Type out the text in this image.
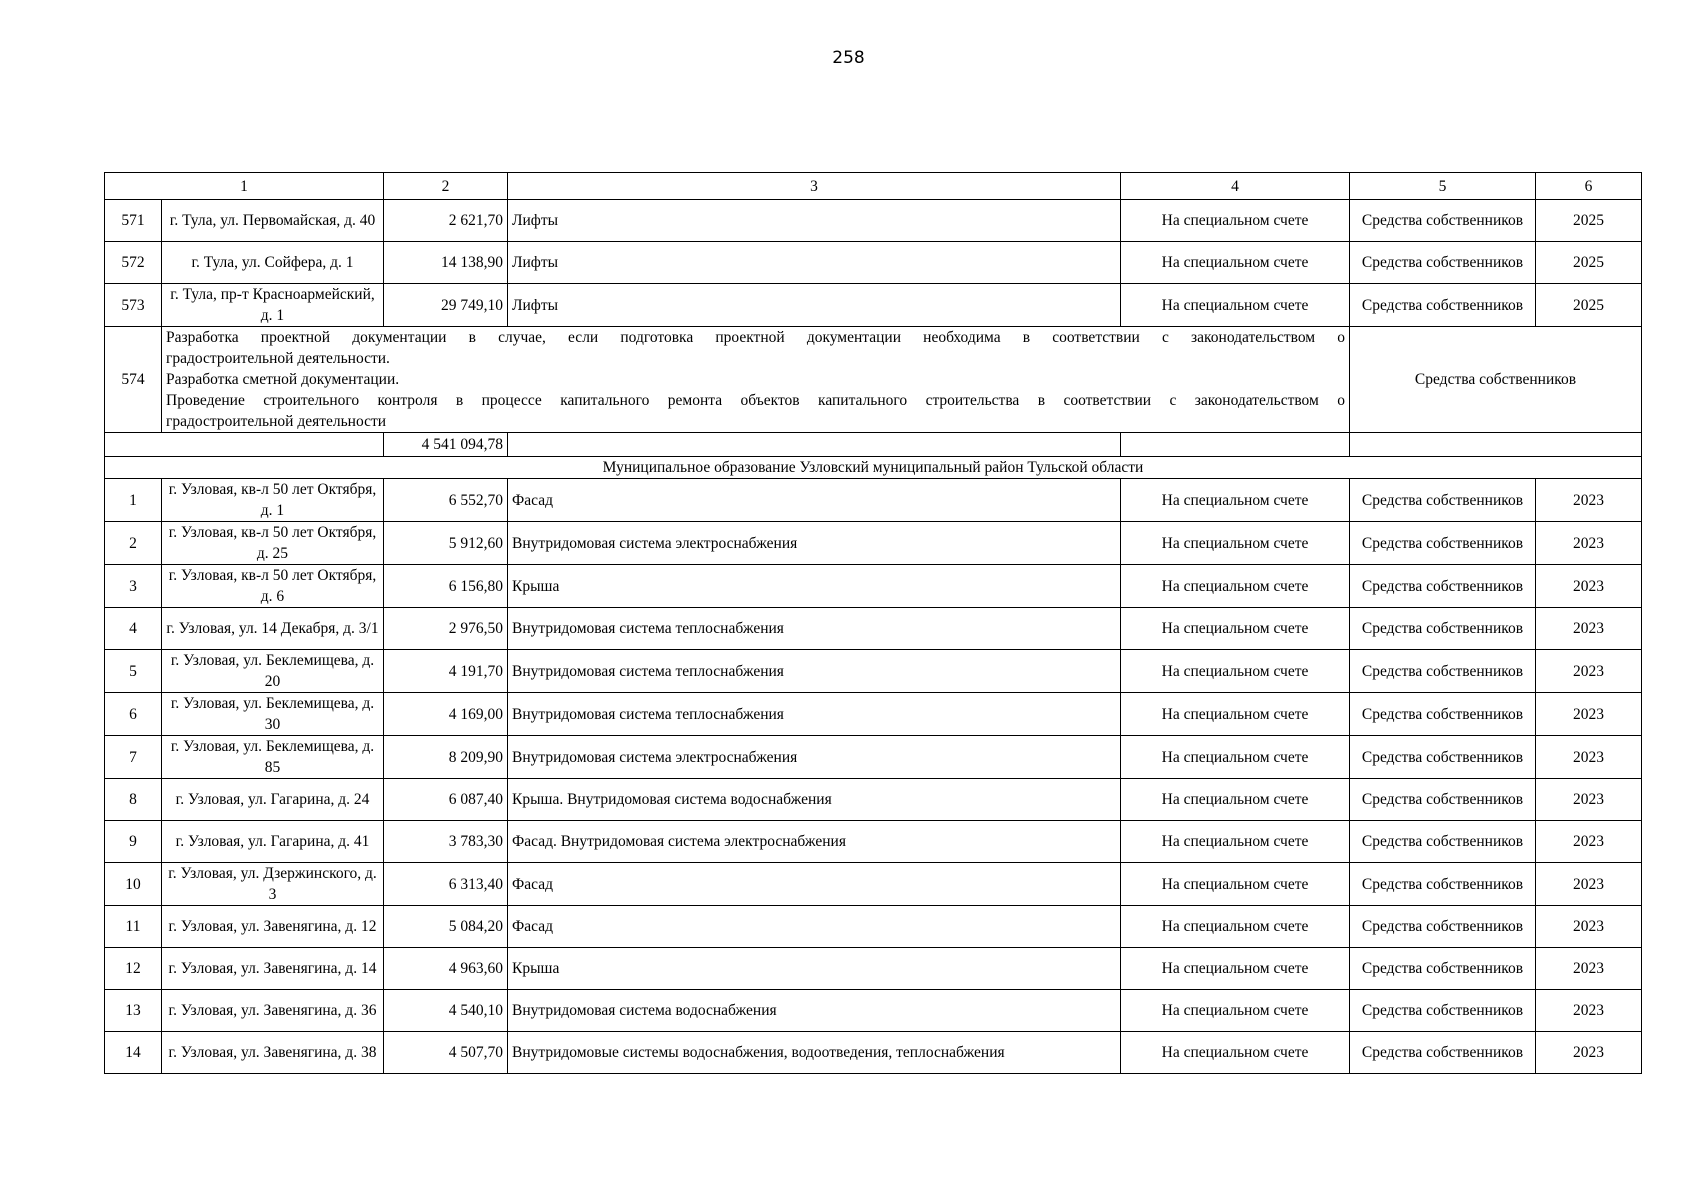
258
1		2	3	4	5	6
571	г. Тула, ул. Первомайская, д. 40	2 621,70	Лифты	На специальном счете	Средства собственников	2025
572	г. Тула, ул. Сойфера, д. 1	14 138,90	Лифты	На специальном счете	Средства собственников	2025
573	г. Тула, пр-т Красноармейский, д. 1	29 749,10	Лифты	На специальном счете	Средства собственников	2025
574	Разработка проектной документации в случае, если подготовка проектной документации необходима в соответствии с законодательством о
градостроительной деятельности.
Разработка сметной документации.
Проведение строительного контроля в процессе капитального ремонта объектов капитального строительства в соответствии с законодательством о
градостроительной деятельности				Средства собственников	
		4 541 094,78				
Муниципальное образование Узловский муниципальный район Тульской области						
1	г. Узловая, кв-л 50 лет Октября, д. 1	6 552,70	Фасад	На специальном счете	Средства собственников	2023
2	г. Узловая, кв-л 50 лет Октября, д. 25	5 912,60	Внутридомовая система электроснабжения	На специальном счете	Средства собственников	2023
3	г. Узловая, кв-л 50 лет Октября, д. 6	6 156,80	Крыша	На специальном счете	Средства собственников	2023
4	г. Узловая, ул. 14 Декабря, д. 3/1	2 976,50	Внутридомовая система теплоснабжения	На специальном счете	Средства собственников	2023
5	г. Узловая, ул. Беклемищева, д. 20	4 191,70	Внутридомовая система теплоснабжения	На специальном счете	Средства собственников	2023
6	г. Узловая, ул. Беклемищева, д. 30	4 169,00	Внутридомовая система теплоснабжения	На специальном счете	Средства собственников	2023
7	г. Узловая, ул. Беклемищева, д. 85	8 209,90	Внутридомовая система электроснабжения	На специальном счете	Средства собственников	2023
8	г. Узловая, ул. Гагарина, д. 24	6 087,40	Крыша. Внутридомовая система водоснабжения	На специальном счете	Средства собственников	2023
9	г. Узловая, ул. Гагарина, д. 41	3 783,30	Фасад. Внутридомовая система электроснабжения	На специальном счете	Средства собственников	2023
10	г. Узловая, ул. Дзержинского, д. 3	6 313,40	Фасад	На специальном счете	Средства собственников	2023
11	г. Узловая, ул. Завенягина, д. 12	5 084,20	Фасад	На специальном счете	Средства собственников	2023
12	г. Узловая, ул. Завенягина, д. 14	4 963,60	Крыша	На специальном счете	Средства собственников	2023
13	г. Узловая, ул. Завенягина, д. 36	4 540,10	Внутридомовая система водоснабжения	На специальном счете	Средства собственников	2023
14	г. Узловая, ул. Завенягина, д. 38	4 507,70	Внутридомовые системы водоснабжения, водоотведения, теплоснабжения	На специальном счете	Средства собственников	2023
